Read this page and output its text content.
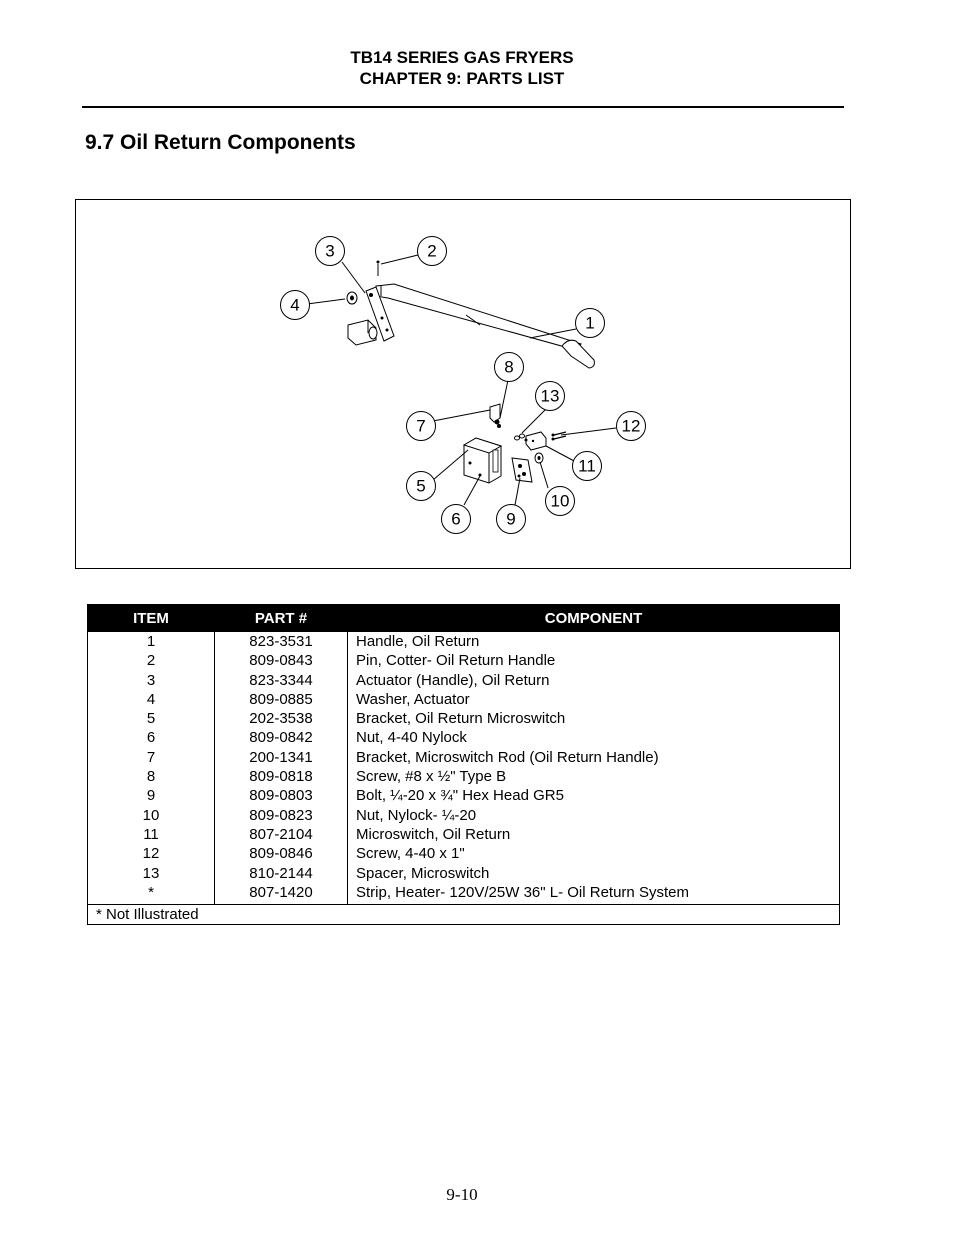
TB14 SERIES GAS FRYERS
CHAPTER 9: PARTS LIST
9.7 Oil Return Components
1
2
3
4
5
6
7
8
9
10
11
12
13
ITEM	PART #	COMPONENT
1	823-3531	Handle, Oil Return
2	809-0843	Pin, Cotter- Oil Return Handle
3	823-3344	Actuator (Handle), Oil Return
4	809-0885	Washer, Actuator
5	202-3538	Bracket, Oil Return Microswitch
6	809-0842	Nut, 4-40 Nylock
7	200-1341	Bracket, Microswitch Rod (Oil Return Handle)
8	809-0818	Screw, #8 x ½" Type B
9	809-0803	Bolt, ¼-20 x ¾" Hex Head GR5
10	809-0823	Nut, Nylock- ¼-20
11	807-2104	Microswitch, Oil Return
12	809-0846	Screw, 4-40 x 1"
13	810-2144	Spacer, Microswitch
*	807-1420	Strip, Heater- 120V/25W 36" L- Oil Return System
* Not Illustrated		
9-10
